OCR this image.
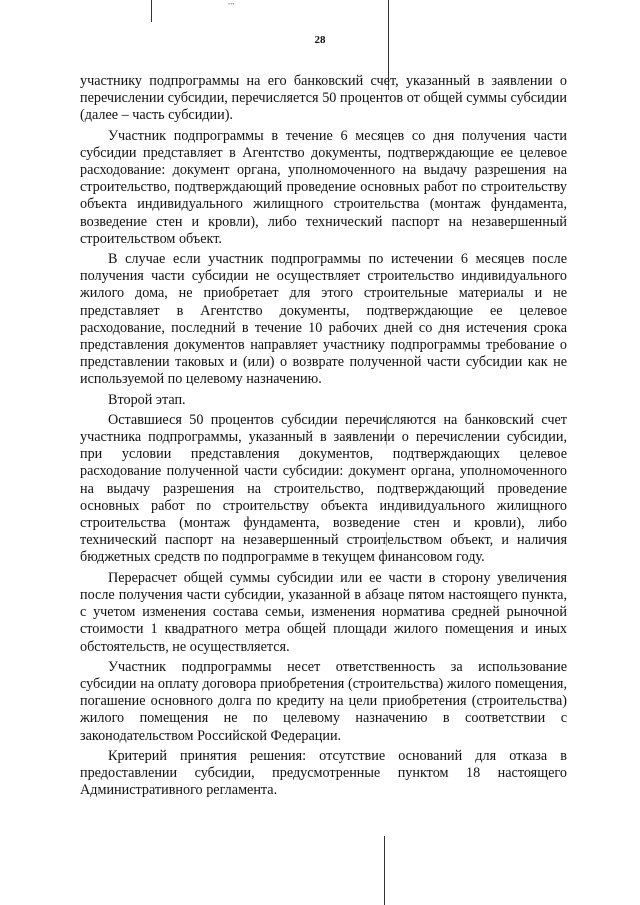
•••
28

участнику подпрограммы на его банковский счет, указанный в заявлении о перечислении субсидии, перечисляется 50 процентов от общей суммы субсидии (далее – часть субсидии).

Участник подпрограммы в течение 6 месяцев со дня получения части субсидии представляет в Агентство документы, подтверждающие ее целевое расходование: документ органа, уполномоченного на выдачу разрешения на строительство, подтверждающий проведение основных работ по строительству объекта индивидуального жилищного строительства (монтаж фундамента, возведение стен и кровли), либо технический паспорт на незавершенный строительством объект.

В случае если участник подпрограммы по истечении 6 месяцев после получения части субсидии не осуществляет строительство индивидуального жилого дома, не приобретает для этого строительные материалы и не представляет в Агентство документы, подтверждающие ее целевое расходование, последний в течение 10 рабочих дней со дня истечения срока представления документов направляет участнику подпрограммы требование о представлении таковых и (или) о возврате полученной части субсидии как не используемой по целевому назначению.

Второй этап.

Оставшиеся 50 процентов субсидии перечисляются на банковский счет участника подпрограммы, указанный в заявлении о перечислении субсидии, при условии представления документов, подтверждающих целевое расходование полученной части субсидии: документ органа, уполномоченного на выдачу разрешения на строительство, подтверждающий проведение основных работ по строительству объекта индивидуального жилищного строительства (монтаж фундамента, возведение стен и кровли), либо технический паспорт на незавершенный строительством объект, и наличия бюджетных средств по подпрограмме в текущем финансовом году.

Перерасчет общей суммы субсидии или ее части в сторону увеличения после получения части субсидии, указанной в абзаце пятом настоящего пункта, с учетом изменения состава семьи, изменения норматива средней рыночной стоимости 1 квадратного метра общей площади жилого помещения и иных обстоятельств, не осуществляется.

Участник подпрограммы несет ответственность за использование субсидии на оплату договора приобретения (строительства) жилого помещения, погашение основного долга по кредиту на цели приобретения (строительства) жилого помещения не по целевому назначению в соответствии с законодательством Российской Федерации.

Критерий принятия решения: отсутствие оснований для отказа в предоставлении субсидии, предусмотренные пунктом 18 настоящего Административного регламента.
